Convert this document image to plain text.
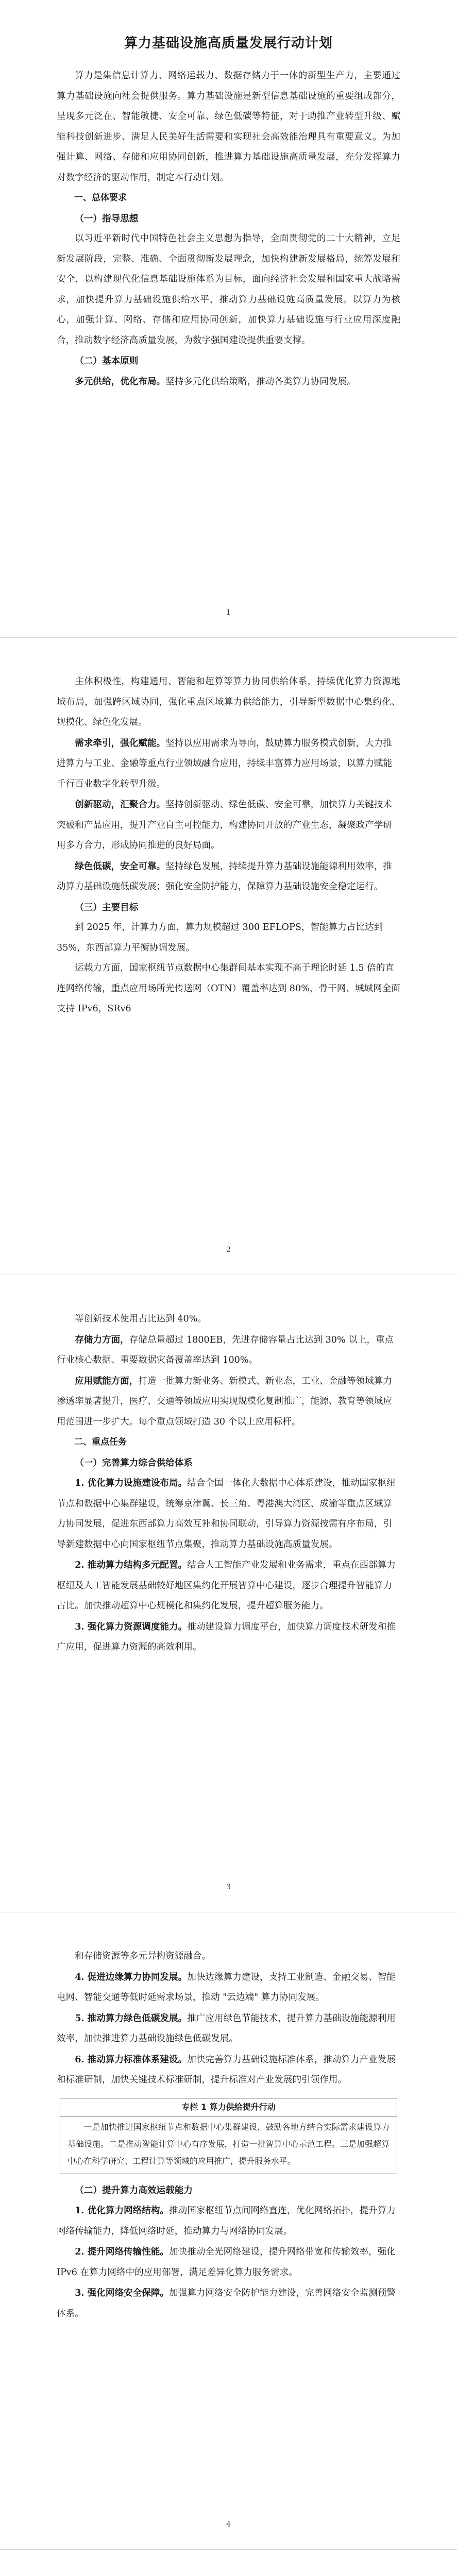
算力基础设施高质量发展行动计划

算力是集信息计算力、网络运载力、数据存储力于一体的新型生产力，主要通过算力基础设施向社会提供服务。算力基础设施是新型信息基础设施的重要组成部分，呈现多元泛在、智能敏捷、安全可靠、绿色低碳等特征，对于助推产业转型升级、赋能科技创新进步、满足人民美好生活需要和实现社会高效能治理具有重要意义。为加强计算、网络、存储和应用协同创新，推进算力基础设施高质量发展，充分发挥算力对数字经济的驱动作用，制定本行动计划。

一、总体要求

（一）指导思想

以习近平新时代中国特色社会主义思想为指导，全面贯彻党的二十大精神，立足新发展阶段，完整、准确、全面贯彻新发展理念，加快构建新发展格局，统筹发展和安全，以构建现代化信息基础设施体系为目标，面向经济社会发展和国家重大战略需求，加快提升算力基础设施供给水平，推动算力基础设施高质量发展。以算力为核心，加强计算、网络、存储和应用协同创新，加快算力基础设施与行业应用深度融合，推动数字经济高质量发展，为数字强国建设提供重要支撑。

（二）基本原则

多元供给，优化布局。坚持多元化供给策略，推动各类算力协同发展。

1

主体积极性，构建通用、智能和超算等算力协同供给体系，持续优化算力资源地域布局，加强跨区域协同，强化重点区域算力供给能力，引导新型数据中心集约化、规模化、绿色化发展。

需求牵引，强化赋能。坚持以应用需求为导向，鼓励算力服务模式创新，大力推进算力与工业、金融等重点行业领域融合应用，持续丰富算力应用场景，以算力赋能千行百业数字化转型升级。

创新驱动，汇聚合力。坚持创新驱动、绿色低碳、安全可靠，加快算力关键技术突破和产品应用，提升产业自主可控能力，构建协同开放的产业生态，凝聚政产学研用多方合力，形成协同推进的良好局面。

绿色低碳，安全可靠。坚持绿色发展，持续提升算力基础设施能源利用效率，推动算力基础设施低碳发展；强化安全防护能力，保障算力基础设施安全稳定运行。

（三）主要目标

到 2025 年，计算力方面，算力规模超过 300 EFLOPS，智能算力占比达到 35%，东西部算力平衡协调发展。

运载力方面，国家枢纽节点数据中心集群间基本实现不高于理论时延 1.5 倍的直连网络传输，重点应用场所光传送网（OTN）覆盖率达到 80%，骨干网、城域网全面支持 IPv6，SRv6

2

等创新技术使用占比达到 40%。

存储力方面，存储总量超过 1800EB，先进存储容量占比达到 30% 以上，重点行业核心数据、重要数据灾备覆盖率达到 100%。

应用赋能方面，打造一批算力新业务、新模式、新业态，工业、金融等领域算力渗透率显著提升，医疗、交通等领域应用实现规模化复制推广，能源、教育等领域应用范围进一步扩大。每个重点领域打造 30 个以上应用标杆。

二、重点任务

（一）完善算力综合供给体系

1. 优化算力设施建设布局。结合全国一体化大数据中心体系建设，推动国家枢纽节点和数据中心集群建设，统筹京津冀、长三角、粤港澳大湾区、成渝等重点区域算力协同发展，促进东西部算力高效互补和协同联动，引导算力资源按需有序布局，引导新建数据中心向国家枢纽节点集聚，推动算力基础设施高质量发展。

2. 推动算力结构多元配置。结合人工智能产业发展和业务需求，重点在西部算力枢纽及人工智能发展基础较好地区集约化开展智算中心建设，逐步合理提升智能算力占比。加快推动超算中心规模化和集约化发展，提升超算服务能力。

3. 强化算力资源调度能力。推动建设算力调度平台，加快算力调度技术研发和推广应用，促进算力资源的高效利用。

3

和存储资源等多元异构资源融合。

4. 促进边缘算力协同发展。加快边缘算力建设，支持工业制造、金融交易、智能电网、智能交通等低时延需求场景，推动 "云边端" 算力协同发展。

5. 推动算力绿色低碳发展。推广应用绿色节能技术，提升算力基础设施能源利用效率，加快推进算力基础设施绿色低碳发展。

6. 推动算力标准体系建设。加快完善算力基础设施标准体系，推动算力产业发展和标准研制，加快关键技术标准研制，提升标准对产业发展的引领作用。

专栏 1 算力供给提升行动

一是加快推进国家枢纽节点和数据中心集群建设，鼓励各地方结合实际需求建设算力基础设施。二是推动智能计算中心有序发展，打造一批智算中心示范工程。三是加强超算中心在科学研究、工程计算等领域的应用推广，提升服务水平。

（二）提升算力高效运载能力

1. 优化算力网络结构。推动国家枢纽节点间网络直连，优化网络拓扑，提升算力网络传输能力，降低网络时延，推动算力与网络协同发展。

2. 提升网络传输性能。加快推动全光网络建设，提升网络带宽和传输效率，强化 IPv6 在算力网络中的应用部署，满足差异化算力服务需求。

3. 强化网络安全保障。加强算力网络安全防护能力建设，完善网络安全监测预警体系。

4
